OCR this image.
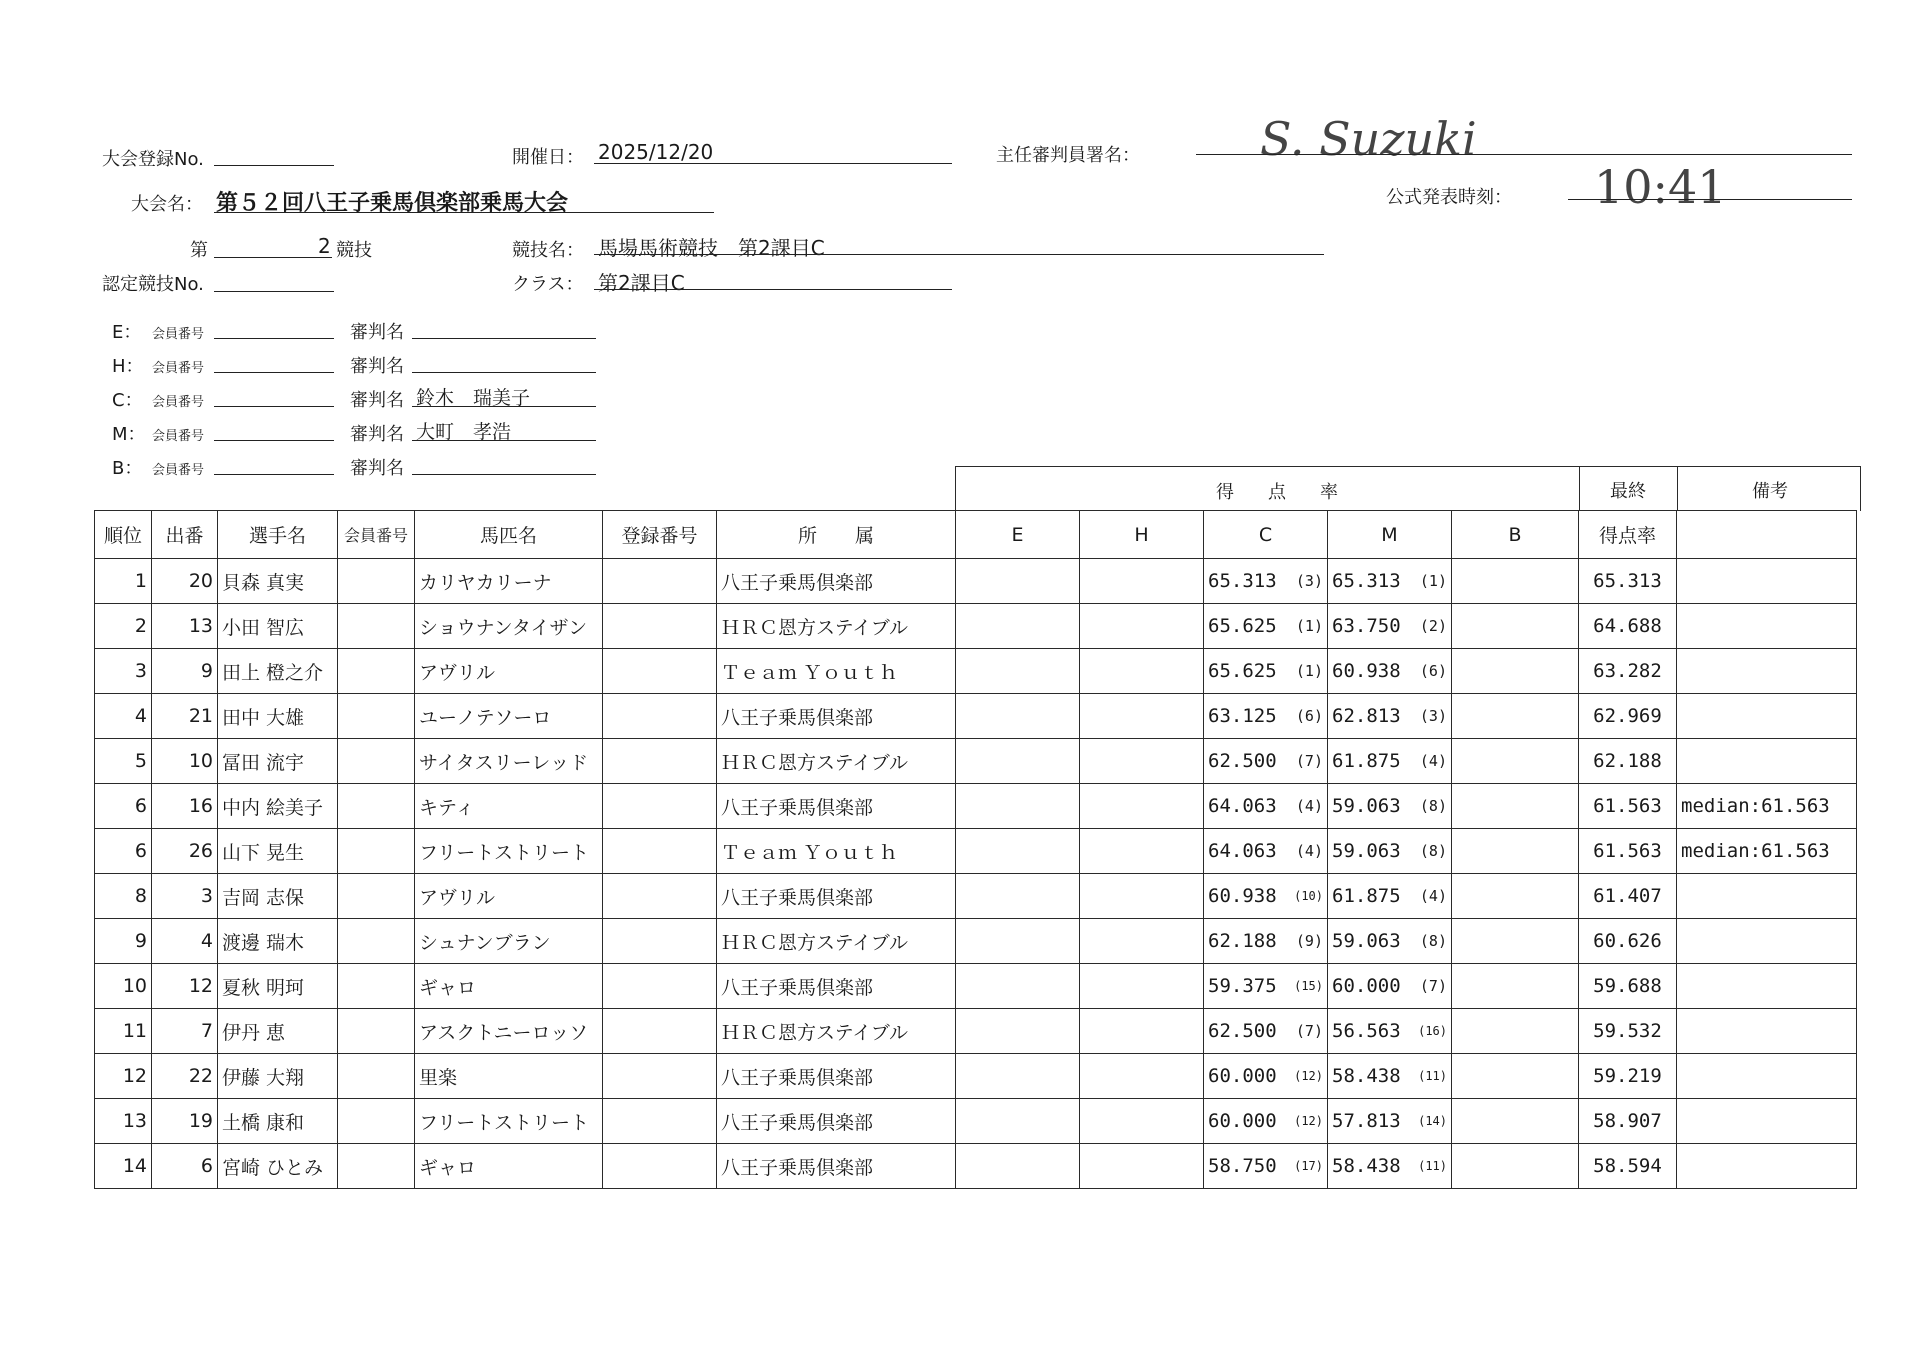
大会登録No.	開催日： 2025/12/20	主任審判員署名：	S. Suzuki
大会名： 第５２回八王子乗馬倶楽部乗馬大会	公式発表時刻： 10:41
第	2 競技	競技名： 馬場馬術競技　第2課目C
認定競技No.	クラス： 第2課目C
E： 会員番号	審判名
H： 会員番号	審判名
C： 会員番号	審判名 鈴木　瑞美子
M： 会員番号	審判名 大町　孝浩
B： 会員番号	審判名
得　点　率	最終	備考
順位	出番	選手名	会員番号	馬匹名	登録番号	所　　属	E	H	C	M	B	得点率	
1	20	貝森 真実		カリヤカリーナ		八王子乗馬倶楽部			65.313 (3)	65.313 (1)		65.313	
2	13	小田 智広		ショウナンタイザン		ＨＲＣ恩方ステイブル			65.625 (1)	63.750 (2)		64.688	
3	9	田上 橙之介		アヴリル		Ｔｅａｍ Ｙｏｕｔｈ			65.625 (1)	60.938 (6)		63.282	
4	21	田中 大雄		ユーノテソーロ		八王子乗馬倶楽部			63.125 (6)	62.813 (3)		62.969	
5	10	冨田 流宇		サイタスリーレッド		ＨＲＣ恩方ステイブル			62.500 (7)	61.875 (4)		62.188	
6	16	中内 絵美子		キティ		八王子乗馬倶楽部			64.063 (4)	59.063 (8)		61.563	median:61.563
6	26	山下 晃生		フリートストリート		Ｔｅａｍ Ｙｏｕｔｈ			64.063 (4)	59.063 (8)		61.563	median:61.563
8	3	吉岡 志保		アヴリル		八王子乗馬倶楽部			60.938 (10)	61.875 (4)		61.407	
9	4	渡邊 瑞木		シュナンブラン		ＨＲＣ恩方ステイブル			62.188 (9)	59.063 (8)		60.626	
10	12	夏秋 明珂		ギャロ		八王子乗馬倶楽部			59.375 (15)	60.000 (7)		59.688	
11	7	伊丹 恵		アスクトニーロッソ		ＨＲＣ恩方ステイブル			62.500 (7)	56.563 (16)		59.532	
12	22	伊藤 大翔		里楽		八王子乗馬倶楽部			60.000 (12)	58.438 (11)		59.219	
13	19	土橋 康和		フリートストリート		八王子乗馬倶楽部			60.000 (12)	57.813 (14)		58.907	
14	6	宮崎 ひとみ		ギャロ		八王子乗馬倶楽部			58.750 (17)	58.438 (11)		58.594	
